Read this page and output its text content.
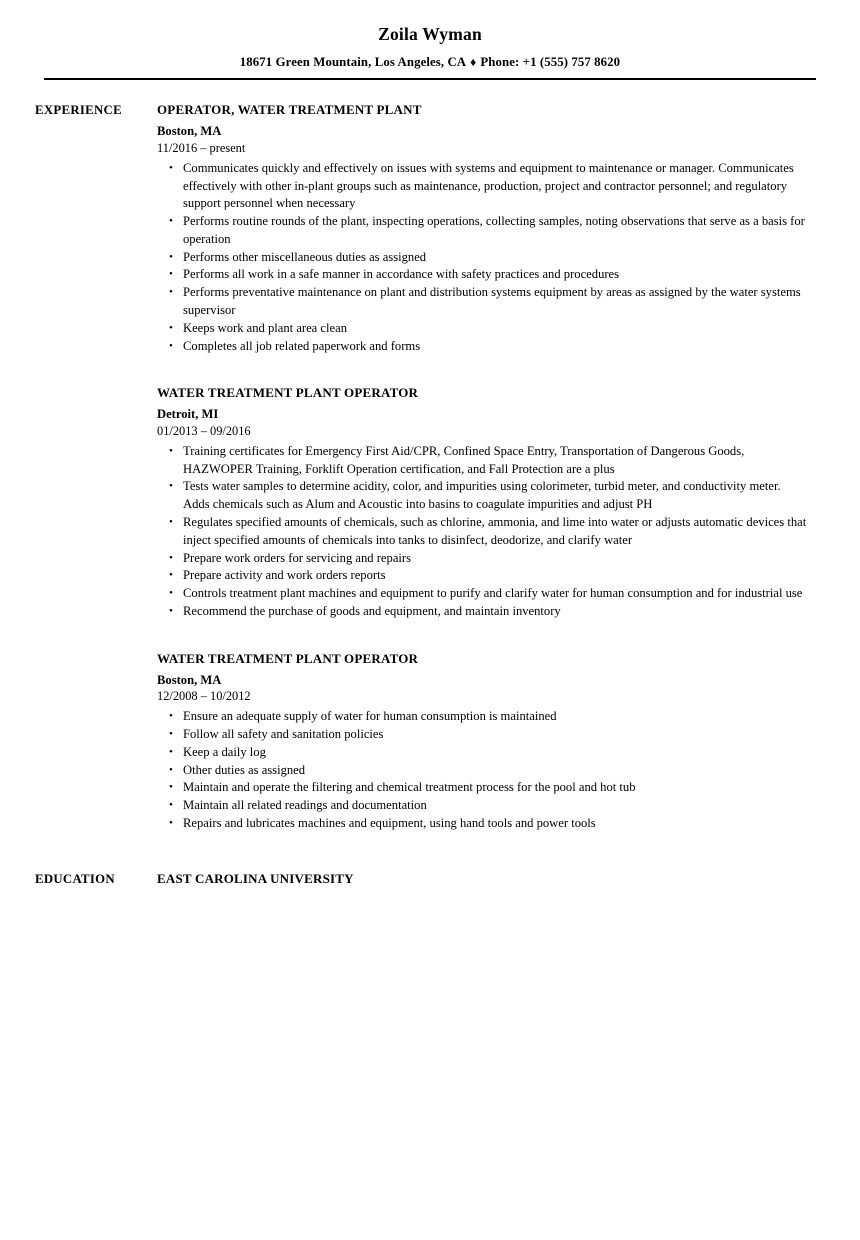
Zoila Wyman
18671 Green Mountain, Los Angeles, CA ♦ Phone: +1 (555) 757 8620
EXPERIENCE	OPERATOR, WATER TREATMENT PLANT
Boston, MA
11/2016 – present
• Communicates quickly and effectively on issues with systems and equipment to maintenance or manager. Communicates effectively with other in-plant groups such as maintenance, production, project and contractor personnel; and regulatory support personnel when necessary
• Performs routine rounds of the plant, inspecting operations, collecting samples, noting observations that serve as a basis for operation
• Performs other miscellaneous duties as assigned
• Performs all work in a safe manner in accordance with safety practices and procedures
• Performs preventative maintenance on plant and distribution systems equipment by areas as assigned by the water systems supervisor
• Keeps work and plant area clean
• Completes all job related paperwork and forms
WATER TREATMENT PLANT OPERATOR
Detroit, MI
01/2013 – 09/2016
• Training certificates for Emergency First Aid/CPR, Confined Space Entry, Transportation of Dangerous Goods, HAZWOPER Training, Forklift Operation certification, and Fall Protection are a plus
• Tests water samples to determine acidity, color, and impurities using colorimeter, turbid meter, and conductivity meter. Adds chemicals such as Alum and Acoustic into basins to coagulate impurities and adjust PH
• Regulates specified amounts of chemicals, such as chlorine, ammonia, and lime into water or adjusts automatic devices that inject specified amounts of chemicals into tanks to disinfect, deodorize, and clarify water
• Prepare work orders for servicing and repairs
• Prepare activity and work orders reports
• Controls treatment plant machines and equipment to purify and clarify water for human consumption and for industrial use
• Recommend the purchase of goods and equipment, and maintain inventory
WATER TREATMENT PLANT OPERATOR
Boston, MA
12/2008 – 10/2012
• Ensure an adequate supply of water for human consumption is maintained
• Follow all safety and sanitation policies
• Keep a daily log
• Other duties as assigned
• Maintain and operate the filtering and chemical treatment process for the pool and hot tub
• Maintain all related readings and documentation
• Repairs and lubricates machines and equipment, using hand tools and power tools
EDUCATION	EAST CAROLINA UNIVERSITY
